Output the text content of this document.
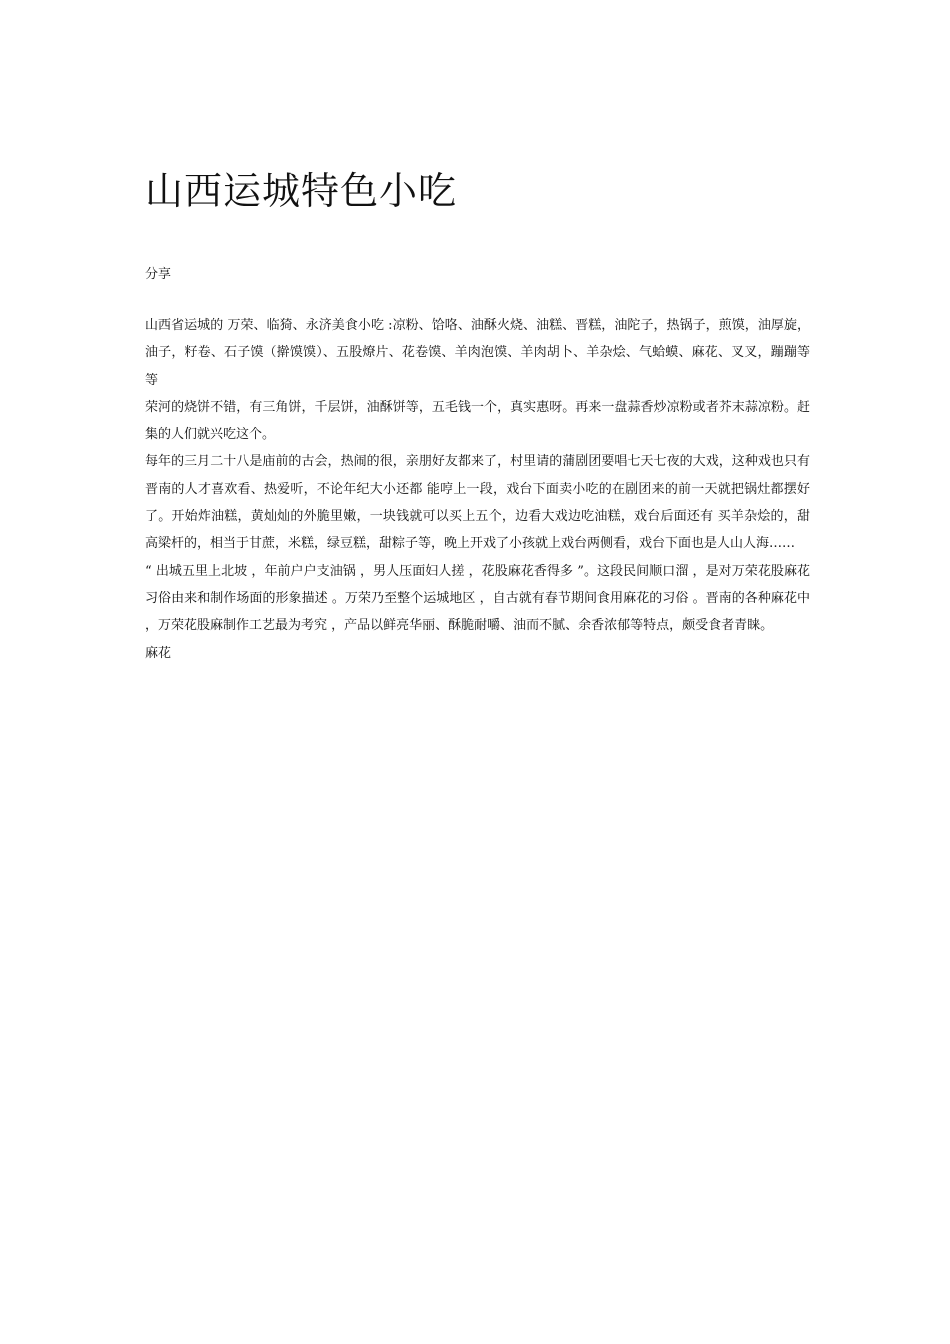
山西运城特色小吃
分享

山西省运城的 万荣、临猗、永济美食小吃 :凉粉、饸咯、油酥火烧、油糕、晋糕，油陀子，热锅子，煎馍，油厚旋，油子，籽卷、石子馍（擀馍馍）、五股燎片、花卷馍、羊肉泡馍、羊肉胡卜、羊杂烩、气蛤蟆、麻花、叉叉，蹦蹦等等

荣河的烧饼不错，有三角饼，千层饼，油酥饼等，五毛钱一个，真实惠呀。再来一盘蒜香炒凉粉或者芥末蒜凉粉。赶集的人们就兴吃这个。

每年的三月二十八是庙前的古会，热闹的很，亲朋好友都来了，村里请的蒲剧团要唱七天七夜的大戏，这种戏也只有晋南的人才喜欢看、热爱听，不论年纪大小还都 能哼上一段，戏台下面卖小吃的在剧团来的前一天就把锅灶都摆好了。开始炸油糕，黄灿灿的外脆里嫩，一块钱就可以买上五个，边看大戏边吃油糕，戏台后面还有 买羊杂烩的，甜高梁杆的，相当于甘蔗，米糕，绿豆糕，甜粽子等，晚上开戏了小孩就上戏台两侧看，戏台下面也是人山人海……

“ 出城五里上北坡 ，年前户户支油锅 ，男人压面妇人搓 ，花股麻花香得多 ”。这段民间顺口溜 ，是对万荣花股麻花习俗由来和制作场面的形象描述 。万荣乃至整个运城地区 ，自古就有春节期间食用麻花的习俗 。晋南的各种麻花中 ，万荣花股麻制作工艺最为考究 ，产品以鲜亮华丽、酥脆耐嚼、油而不腻、余香浓郁等特点，颇受食者青睐。

麻花
